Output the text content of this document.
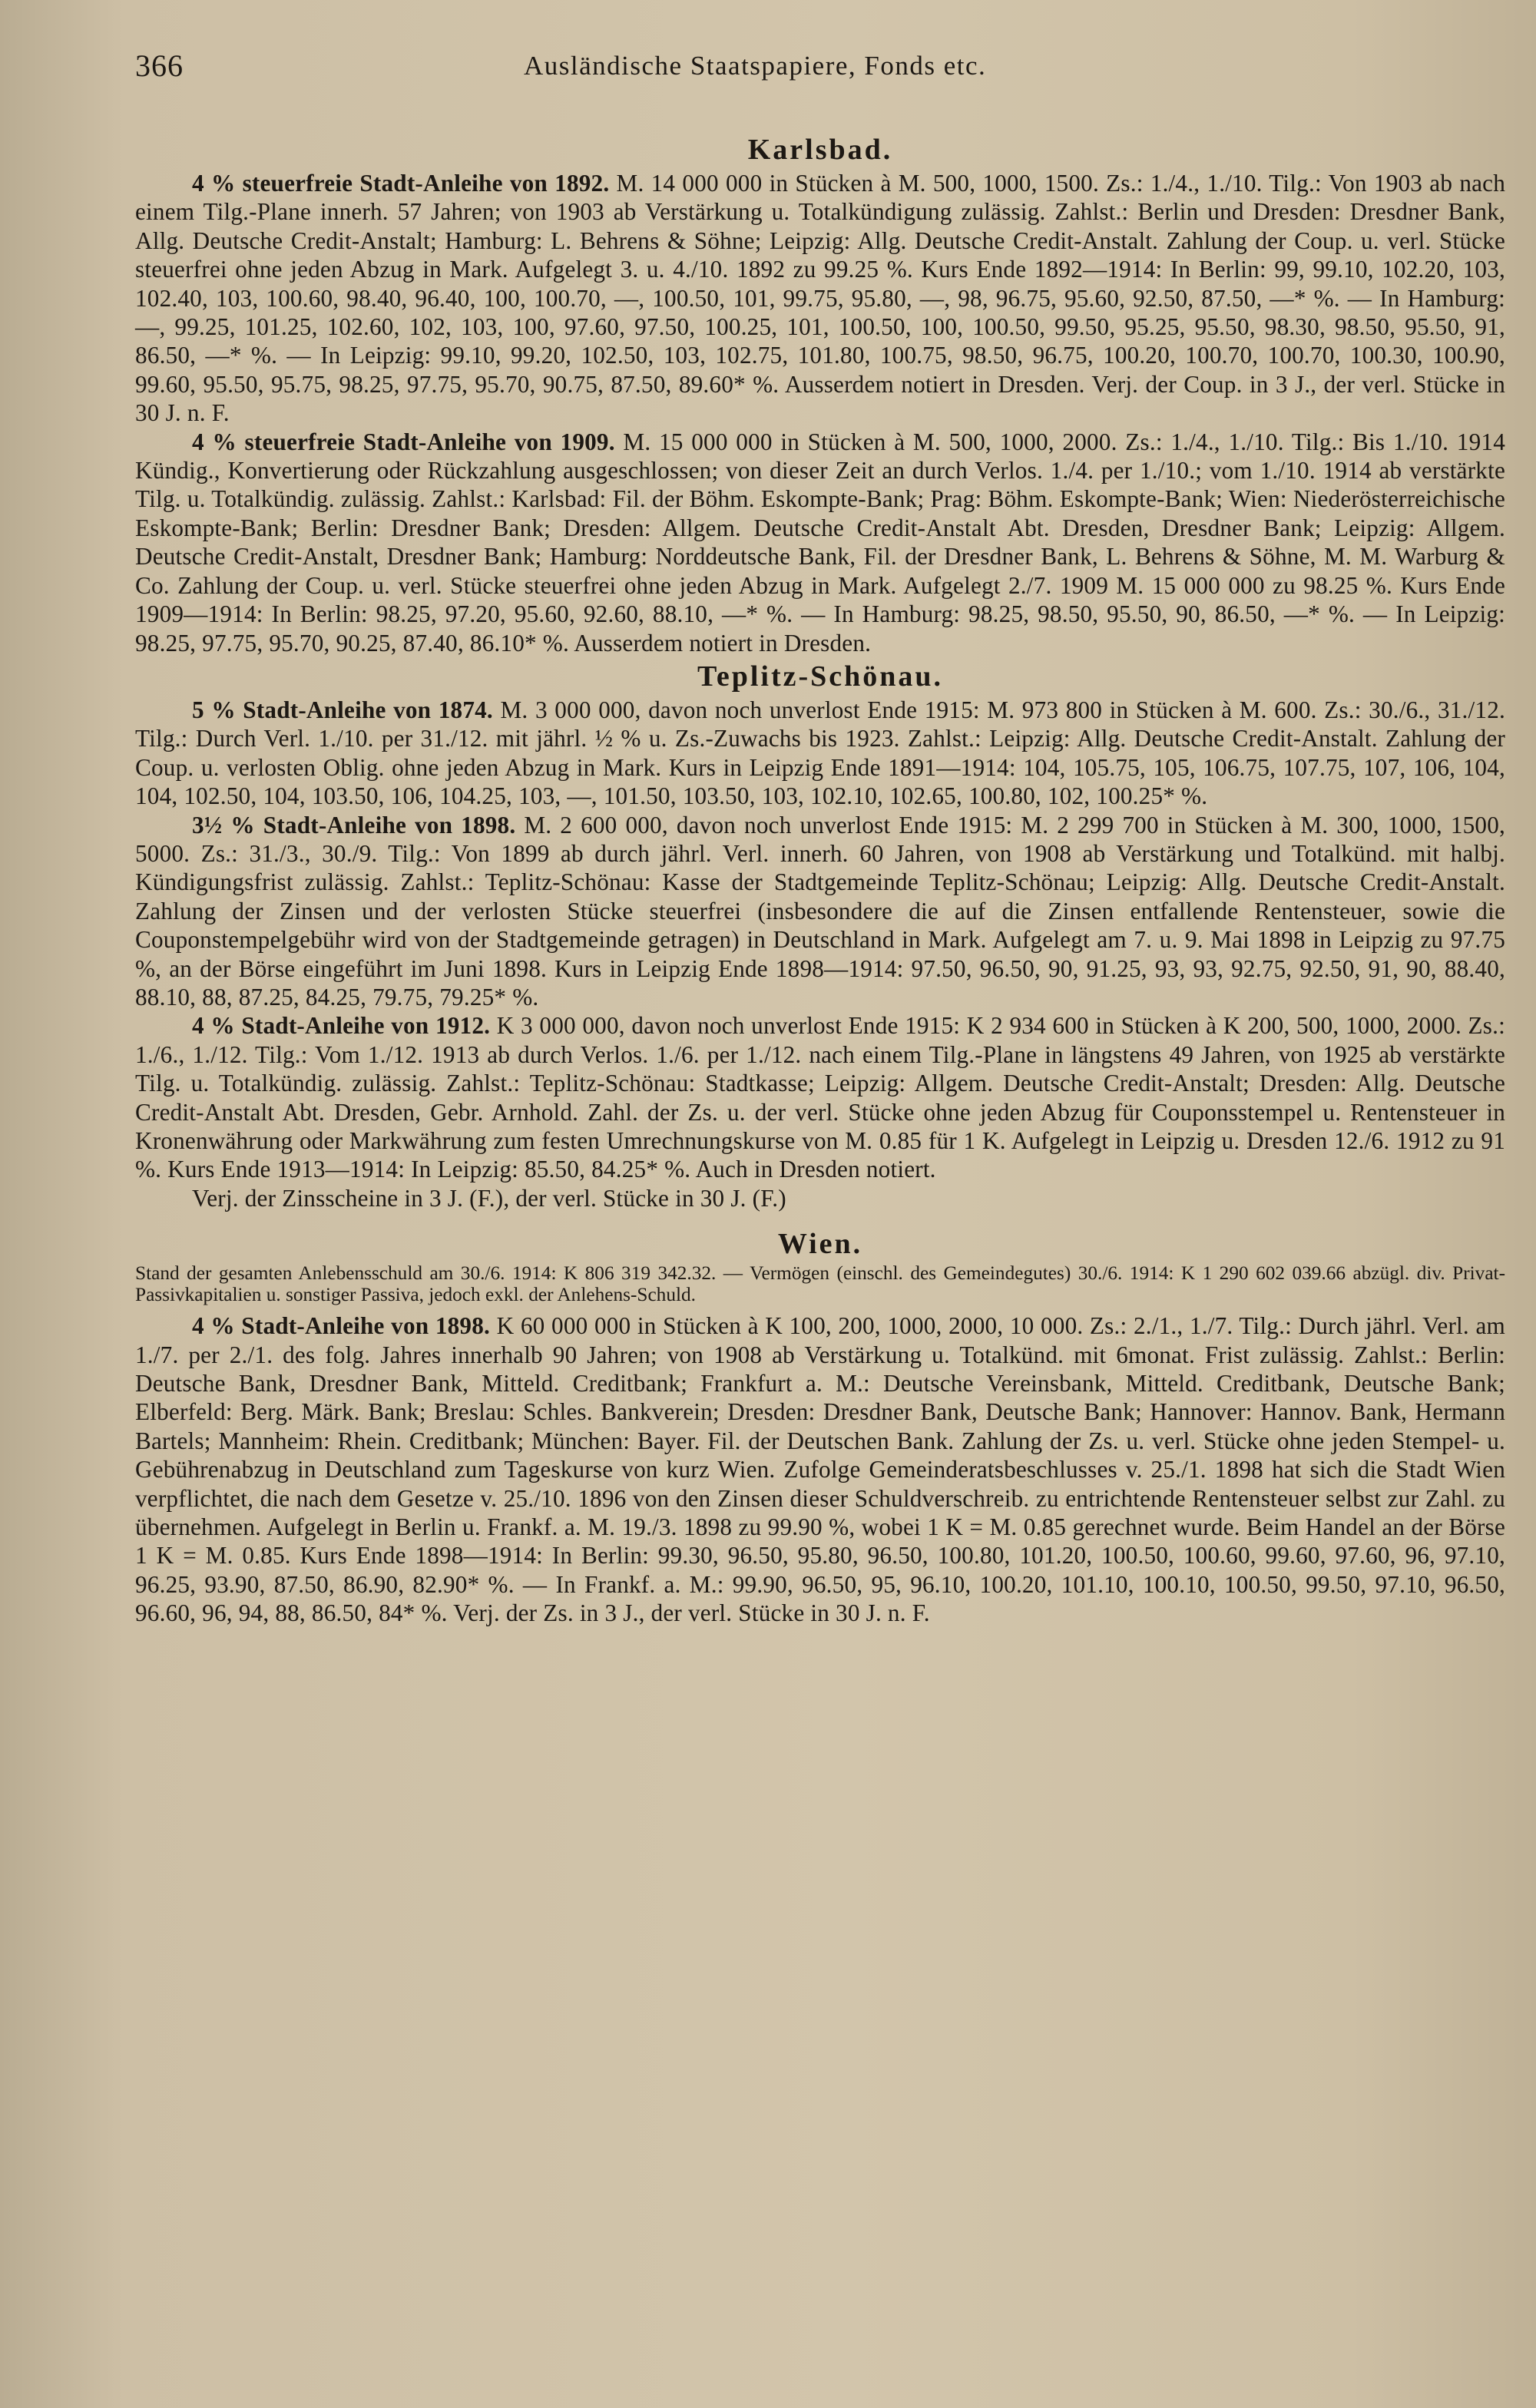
366	Ausländische Staatspapiere, Fonds etc.
Karlsbad.

4 % steuerfreie Stadt-Anleihe von 1892. M. 14 000 000 in Stücken à M. 500, 1000, 1500. Zs.: 1./4., 1./10. Tilg.: Von 1903 ab nach einem Tilg.-Plane innerh. 57 Jahren; von 1903 ab Verstärkung u. Totalkündigung zulässig. Zahlst.: Berlin und Dresden: Dresdner Bank, Allg. Deutsche Credit-Anstalt; Hamburg: L. Behrens & Söhne; Leipzig: Allg. Deutsche Credit-Anstalt. Zahlung der Coup. u. verl. Stücke steuerfrei ohne jeden Abzug in Mark. Aufgelegt 3. u. 4./10. 1892 zu 99.25 %. Kurs Ende 1892—1914: In Berlin: 99, 99.10, 102.20, 103, 102.40, 103, 100.60, 98.40, 96.40, 100, 100.70, —, 100.50, 101, 99.75, 95.80, —, 98, 96.75, 95.60, 92.50, 87.50, —* %. — In Hamburg: —, 99.25, 101.25, 102.60, 102, 103, 100, 97.60, 97.50, 100.25, 101, 100.50, 100, 100.50, 99.50, 95.25, 95.50, 98.30, 98.50, 95.50, 91, 86.50, —* %. — In Leipzig: 99.10, 99.20, 102.50, 103, 102.75, 101.80, 100.75, 98.50, 96.75, 100.20, 100.70, 100.70, 100.30, 100.90, 99.60, 95.50, 95.75, 98.25, 97.75, 95.70, 90.75, 87.50, 89.60* %. Ausserdem notiert in Dresden. Verj. der Coup. in 3 J., der verl. Stücke in 30 J. n. F.

4 % steuerfreie Stadt-Anleihe von 1909. M. 15 000 000 in Stücken à M. 500, 1000, 2000. Zs.: 1./4., 1./10. Tilg.: Bis 1./10. 1914 Kündig., Konvertierung oder Rückzahlung ausgeschlossen; von dieser Zeit an durch Verlos. 1./4. per 1./10.; vom 1./10. 1914 ab verstärkte Tilg. u. Totalkündig. zulässig. Zahlst.: Karlsbad: Fil. der Böhm. Eskompte-Bank; Prag: Böhm. Eskompte-Bank; Wien: Niederösterreichische Eskompte-Bank; Berlin: Dresdner Bank; Dresden: Allgem. Deutsche Credit-Anstalt Abt. Dresden, Dresdner Bank; Leipzig: Allgem. Deutsche Credit-Anstalt, Dresdner Bank; Hamburg: Norddeutsche Bank, Fil. der Dresdner Bank, L. Behrens & Söhne, M. M. Warburg & Co. Zahlung der Coup. u. verl. Stücke steuerfrei ohne jeden Abzug in Mark. Aufgelegt 2./7. 1909 M. 15 000 000 zu 98.25 %. Kurs Ende 1909—1914: In Berlin: 98.25, 97.20, 95.60, 92.60, 88.10, —* %. — In Hamburg: 98.25, 98.50, 95.50, 90, 86.50, —* %. — In Leipzig: 98.25, 97.75, 95.70, 90.25, 87.40, 86.10* %. Ausserdem notiert in Dresden.

Teplitz-Schönau.

5 % Stadt-Anleihe von 1874. M. 3 000 000, davon noch unverlost Ende 1915: M. 973 800 in Stücken à M. 600. Zs.: 30./6., 31./12. Tilg.: Durch Verl. 1./10. per 31./12. mit jährl. ½ % u. Zs.-Zuwachs bis 1923. Zahlst.: Leipzig: Allg. Deutsche Credit-Anstalt. Zahlung der Coup. u. verlosten Oblig. ohne jeden Abzug in Mark. Kurs in Leipzig Ende 1891—1914: 104, 105.75, 105, 106.75, 107.75, 107, 106, 104, 104, 102.50, 104, 103.50, 106, 104.25, 103, —, 101.50, 103.50, 103, 102.10, 102.65, 100.80, 102, 100.25* %.

3½ % Stadt-Anleihe von 1898. M. 2 600 000, davon noch unverlost Ende 1915: M. 2 299 700 in Stücken à M. 300, 1000, 1500, 5000. Zs.: 31./3., 30./9. Tilg.: Von 1899 ab durch jährl. Verl. innerh. 60 Jahren, von 1908 ab Verstärkung und Totalkünd. mit halbj. Kündigungsfrist zulässig. Zahlst.: Teplitz-Schönau: Kasse der Stadtgemeinde Teplitz-Schönau; Leipzig: Allg. Deutsche Credit-Anstalt. Zahlung der Zinsen und der verlosten Stücke steuerfrei (insbesondere die auf die Zinsen entfallende Rentensteuer, sowie die Couponstempelgebühr wird von der Stadtgemeinde getragen) in Deutschland in Mark. Aufgelegt am 7. u. 9. Mai 1898 in Leipzig zu 97.75 %, an der Börse eingeführt im Juni 1898. Kurs in Leipzig Ende 1898—1914: 97.50, 96.50, 90, 91.25, 93, 93, 92.75, 92.50, 91, 90, 88.40, 88.10, 88, 87.25, 84.25, 79.75, 79.25* %.

4 % Stadt-Anleihe von 1912. K 3 000 000, davon noch unverlost Ende 1915: K 2 934 600 in Stücken à K 200, 500, 1000, 2000. Zs.: 1./6., 1./12. Tilg.: Vom 1./12. 1913 ab durch Verlos. 1./6. per 1./12. nach einem Tilg.-Plane in längstens 49 Jahren, von 1925 ab verstärkte Tilg. u. Totalkündig. zulässig. Zahlst.: Teplitz-Schönau: Stadtkasse; Leipzig: Allgem. Deutsche Credit-Anstalt; Dresden: Allg. Deutsche Credit-Anstalt Abt. Dresden, Gebr. Arnhold. Zahl. der Zs. u. der verl. Stücke ohne jeden Abzug für Couponsstempel u. Rentensteuer in Kronenwährung oder Markwährung zum festen Umrechnungskurse von M. 0.85 für 1 K. Aufgelegt in Leipzig u. Dresden 12./6. 1912 zu 91 %. Kurs Ende 1913—1914: In Leipzig: 85.50, 84.25* %. Auch in Dresden notiert.

Verj. der Zinsscheine in 3 J. (F.), der verl. Stücke in 30 J. (F.)

Wien.

Stand der gesamten Anlebensschuld am 30./6. 1914: K 806 319 342.32. — Vermögen (einschl. des Gemeindegutes) 30./6. 1914: K 1 290 602 039.66 abzügl. div. Privat-Passivkapitalien u. sonstiger Passiva, jedoch exkl. der Anlehens-Schuld.

4 % Stadt-Anleihe von 1898. K 60 000 000 in Stücken à K 100, 200, 1000, 2000, 10 000. Zs.: 2./1., 1./7. Tilg.: Durch jährl. Verl. am 1./7. per 2./1. des folg. Jahres innerhalb 90 Jahren; von 1908 ab Verstärkung u. Totalkünd. mit 6monat. Frist zulässig. Zahlst.: Berlin: Deutsche Bank, Dresdner Bank, Mitteld. Creditbank; Frankfurt a. M.: Deutsche Vereinsbank, Mitteld. Creditbank, Deutsche Bank; Elberfeld: Berg. Märk. Bank; Breslau: Schles. Bankverein; Dresden: Dresdner Bank, Deutsche Bank; Hannover: Hannov. Bank, Hermann Bartels; Mannheim: Rhein. Creditbank; München: Bayer. Fil. der Deutschen Bank. Zahlung der Zs. u. verl. Stücke ohne jeden Stempel- u. Gebührenabzug in Deutschland zum Tageskurse von kurz Wien. Zufolge Gemeinderatsbeschlusses v. 25./1. 1898 hat sich die Stadt Wien verpflichtet, die nach dem Gesetze v. 25./10. 1896 von den Zinsen dieser Schuldverschreib. zu entrichtende Rentensteuer selbst zur Zahl. zu übernehmen. Aufgelegt in Berlin u. Frankf. a. M. 19./3. 1898 zu 99.90 %, wobei 1 K = M. 0.85 gerechnet wurde. Beim Handel an der Börse 1 K = M. 0.85. Kurs Ende 1898—1914: In Berlin: 99.30, 96.50, 95.80, 96.50, 100.80, 101.20, 100.50, 100.60, 99.60, 97.60, 96, 97.10, 96.25, 93.90, 87.50, 86.90, 82.90* %. — In Frankf. a. M.: 99.90, 96.50, 95, 96.10, 100.20, 101.10, 100.10, 100.50, 99.50, 97.10, 96.50, 96.60, 96, 94, 88, 86.50, 84* %. Verj. der Zs. in 3 J., der verl. Stücke in 30 J. n. F.
